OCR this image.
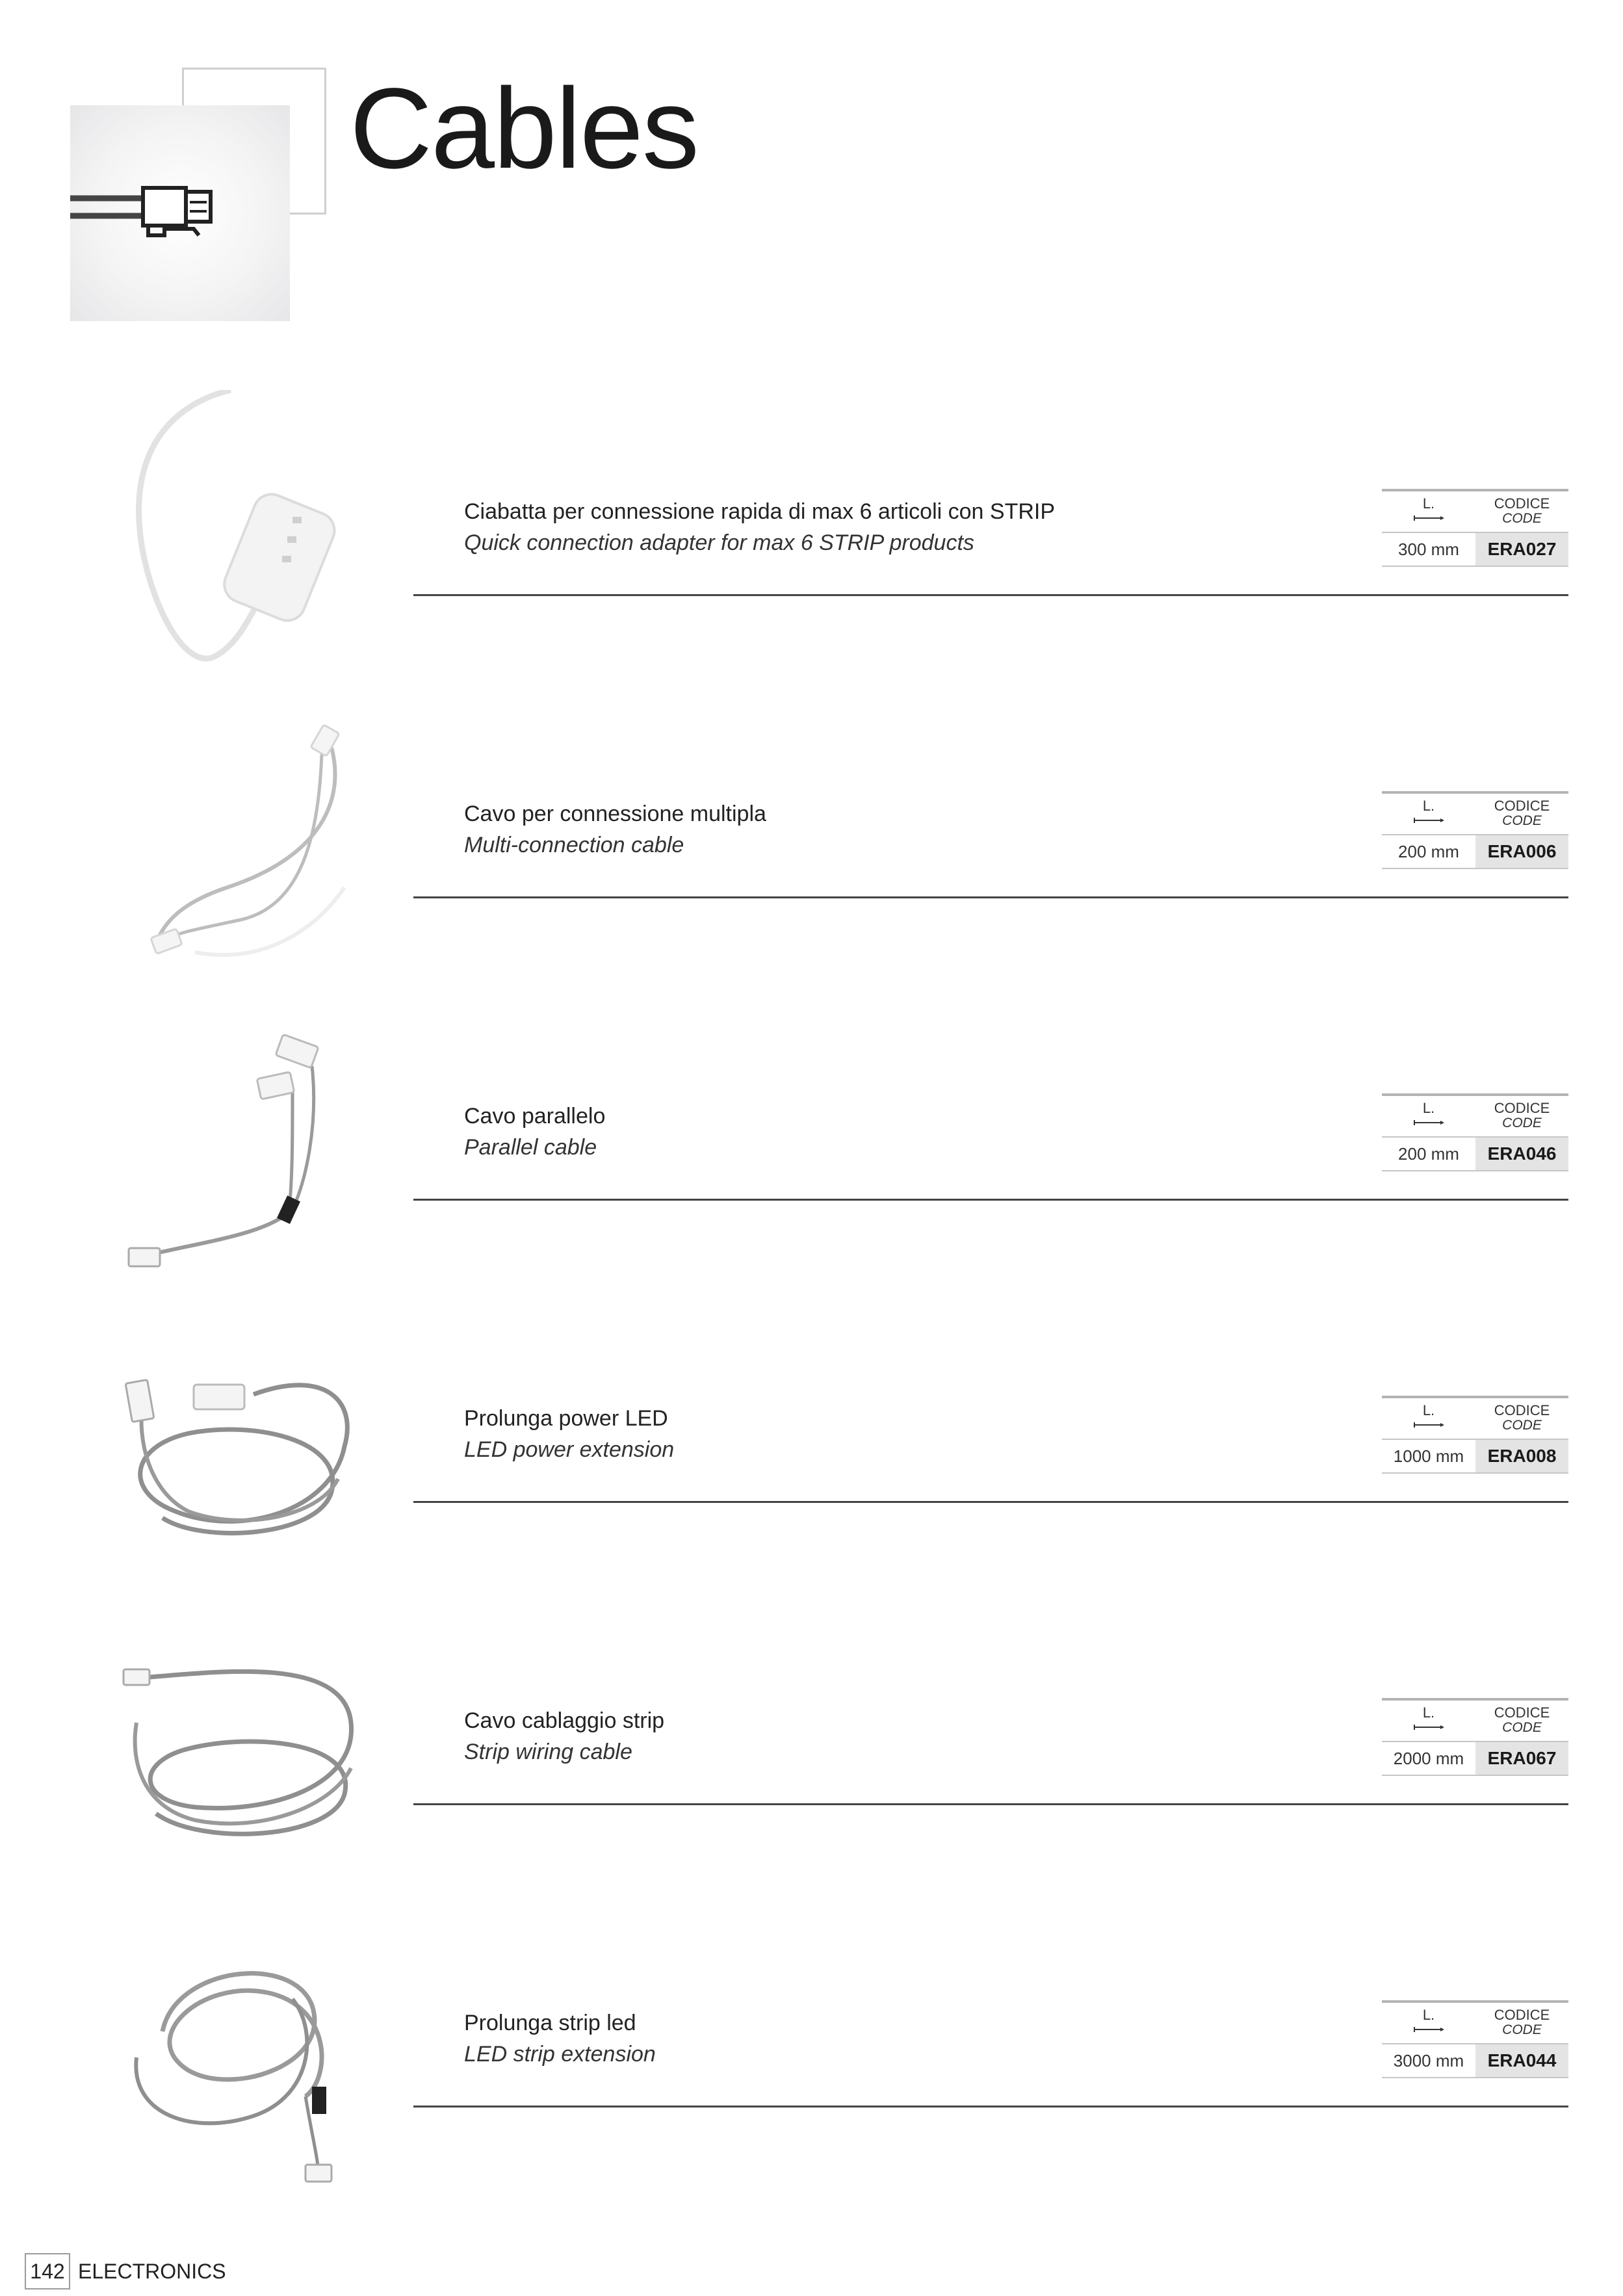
Cables
Ciabatta per connessione rapida di max 6 articoli con STRIP
Quick connection adapter for max 6 STRIP products
L.	CODICE
CODE
300 mm	ERA027
Cavo per connessione multipla
Multi-connection cable
L.	CODICE
CODE
200 mm	ERA006
Cavo parallelo
Parallel cable
L.	CODICE
CODE
200 mm	ERA046
Prolunga power LED
LED power extension
L.	CODICE
CODE
1000 mm	ERA008
Cavo cablaggio strip
Strip wiring cable
L.	CODICE
CODE
2000 mm	ERA067
Prolunga strip led
LED strip extension
L.	CODICE
CODE
3000 mm	ERA044
142 ELECTRONICS
